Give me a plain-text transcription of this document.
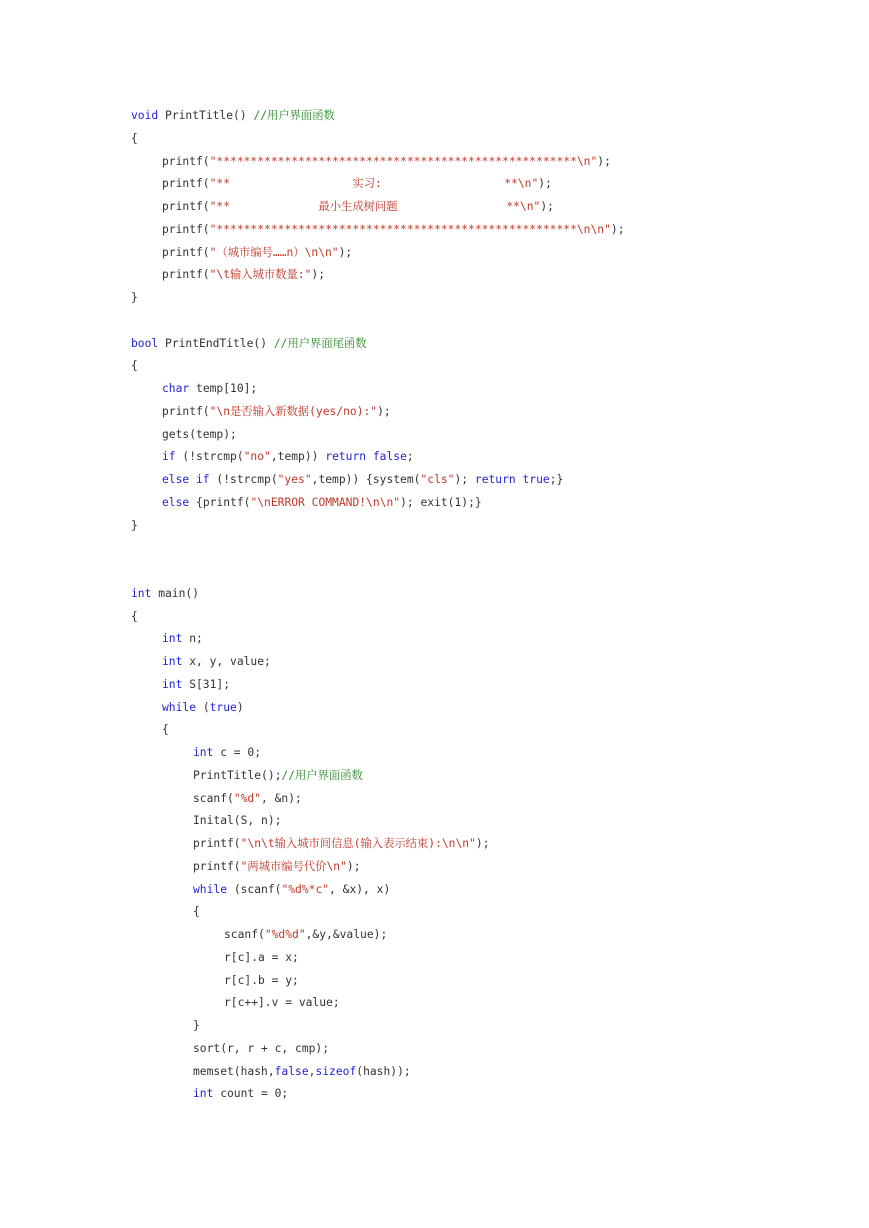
void PrintTitle() //用户界面函数
{
printf("*****************************************************\n");
printf("**                  实习:                  **\n");
printf("**             最小生成树问题                **\n");
printf("*****************************************************\n\n");
printf("（城市编号……n）\n\n");
printf("\t输入城市数量:");
}

bool PrintEndTitle() //用户界面尾函数
{
char temp[10];
printf("\n是否输入新数据(yes/no):");
gets(temp);
if (!strcmp("no",temp)) return false;
else if (!strcmp("yes",temp)) {system("cls"); return true;}
else {printf("\nERROR COMMAND!\n\n"); exit(1);}
}

int main()
{
int n;
int x, y, value;
int S[31];
while (true)
{
int c = 0;
PrintTitle();//用户界面函数
scanf("%d", &n);
Inital(S, n);
printf("\n\t输入城市间信息(输入表示结束):\n\n");
printf("两城市编号代价\n");
while (scanf("%d%*c", &x), x)
{
scanf("%d%d",&y,&value);
r[c].a = x;
r[c].b = y;
r[c++].v = value;
}
sort(r, r + c, cmp);
memset(hash,false,sizeof(hash));
int count = 0;
